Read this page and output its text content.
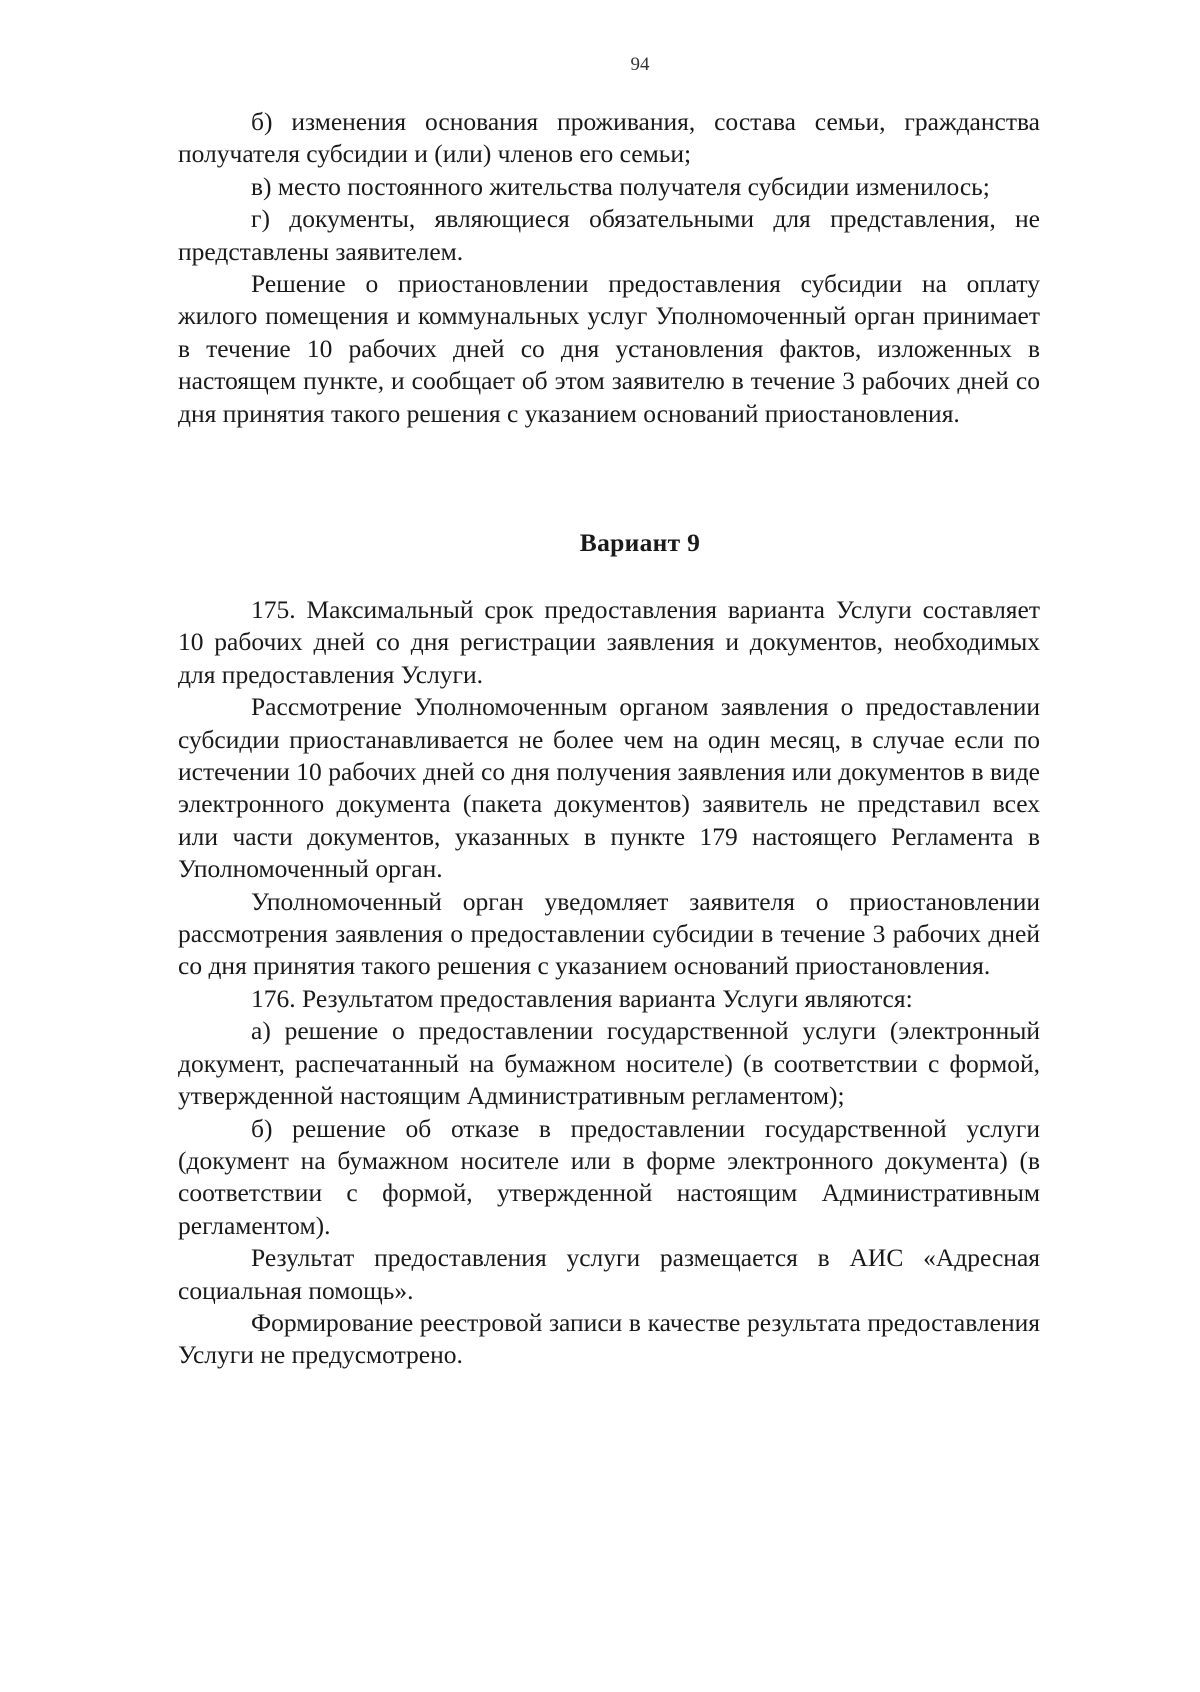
94

б) изменения основания проживания, состава семьи, гражданства получателя субсидии и (или) членов его семьи;

в) место постоянного жительства получателя субсидии изменилось;

г) документы, являющиеся обязательными для представления, не представлены заявителем.

Решение о приостановлении предоставления субсидии на оплату жилого помещения и коммунальных услуг Уполномоченный орган принимает в течение 10 рабочих дней со дня установления фактов, изложенных в настоящем пункте, и сообщает об этом заявителю в течение 3 рабочих дней со дня принятия такого решения с указанием оснований приостановления.

Вариант 9

175. Максимальный срок предоставления варианта Услуги составляет 10 рабочих дней со дня регистрации заявления и документов, необходимых для предоставления Услуги.

Рассмотрение Уполномоченным органом заявления о предоставлении субсидии приостанавливается не более чем на один месяц, в случае если по истечении 10 рабочих дней со дня получения заявления или документов в виде электронного документа (пакета документов) заявитель не представил всех или части документов, указанных в пункте 179 настоящего Регламента в Уполномоченный орган.

Уполномоченный орган уведомляет заявителя о приостановлении рассмотрения заявления о предоставлении субсидии в течение 3 рабочих дней со дня принятия такого решения с указанием оснований приостановления.

176. Результатом предоставления варианта Услуги являются:

а) решение о предоставлении государственной услуги (электронный документ, распечатанный на бумажном носителе) (в соответствии с формой, утвержденной настоящим Административным регламентом);

б) решение об отказе в предоставлении государственной услуги (документ на бумажном носителе или в форме электронного документа) (в соответствии с формой, утвержденной настоящим Административным регламентом).

Результат предоставления услуги размещается в АИС «Адресная социальная помощь».

Формирование реестровой записи в качестве результата предоставления Услуги не предусмотрено.
